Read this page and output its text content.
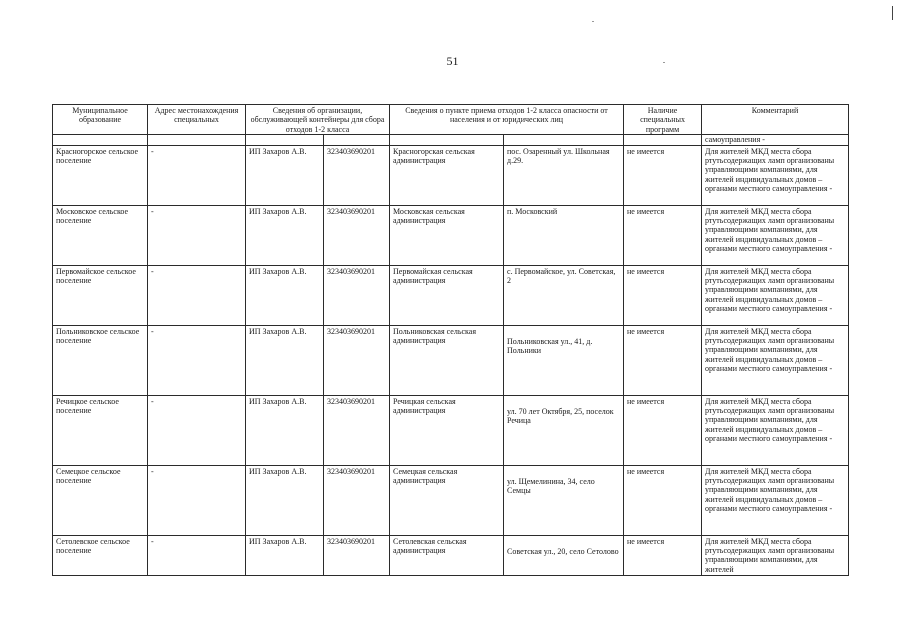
51
Муниципальное образование	Адрес местонахождения специальных	Сведения об организации, обслуживающей контейнеры для сбора отходов 1-2 класса		Сведения о пункте приема отходов 1-2 класса опасности от населения и от юридических лиц		Наличие специальных программ	Комментарий
							самоуправления -
Красногорское сельское поселение	-	ИП Захаров А.В.	323403690201	Красногорская сельская администрация	пос. Озаренный ул. Школьная д.29.	не имеется	Для жителей МКД места сбора ртутьсодержащих ламп организованы управляющими компаниями, для жителей индивидуальных домов – органами местного самоуправления -
Московское сельское поселение	-	ИП Захаров А.В.	323403690201	Московская сельская администрация	п. Московский	не имеется	Для жителей МКД места сбора ртутьсодержащих ламп организованы управляющими компаниями, для жителей индивидуальных домов – органами местного самоуправления -
Первомайское сельское поселение	-	ИП Захаров А.В.	323403690201	Первомайская сельская администрация	с. Первомайское, ул. Советская, 2	не имеется	Для жителей МКД места сбора ртутьсодержащих ламп организованы управляющими компаниями, для жителей индивидуальных домов – органами местного самоуправления -
Польниковское сельское поселение	-	ИП Захаров А.В.	323403690201	Польниковская сельская администрация	Польниковская ул., 41, д. Польники	не имеется	Для жителей МКД места сбора ртутьсодержащих ламп организованы управляющими компаниями, для жителей индивидуальных домов – органами местного самоуправления -
Речицкое сельское поселение	-	ИП Захаров А.В.	323403690201	Речицкая сельская администрация	ул. 70 лет Октября, 25, поселок Речица	не имеется	Для жителей МКД места сбора ртутьсодержащих ламп организованы управляющими компаниями, для жителей индивидуальных домов – органами местного самоуправления -
Семецкое сельское поселение	-	ИП Захаров А.В.	323403690201	Семецкая сельская администрация	ул. Щемелинина, 34, село Семцы	не имеется	Для жителей МКД места сбора ртутьсодержащих ламп организованы управляющими компаниями, для жителей индивидуальных домов – органами местного самоуправления -
Сетолевское сельское поселение	-	ИП Захаров А.В.	323403690201	Сетолевская сельская администрация	Советская ул., 20, село Сетолово	не имеется	Для жителей МКД места сбора ртутьсодержащих ламп организованы управляющими компаниями, для жителей
